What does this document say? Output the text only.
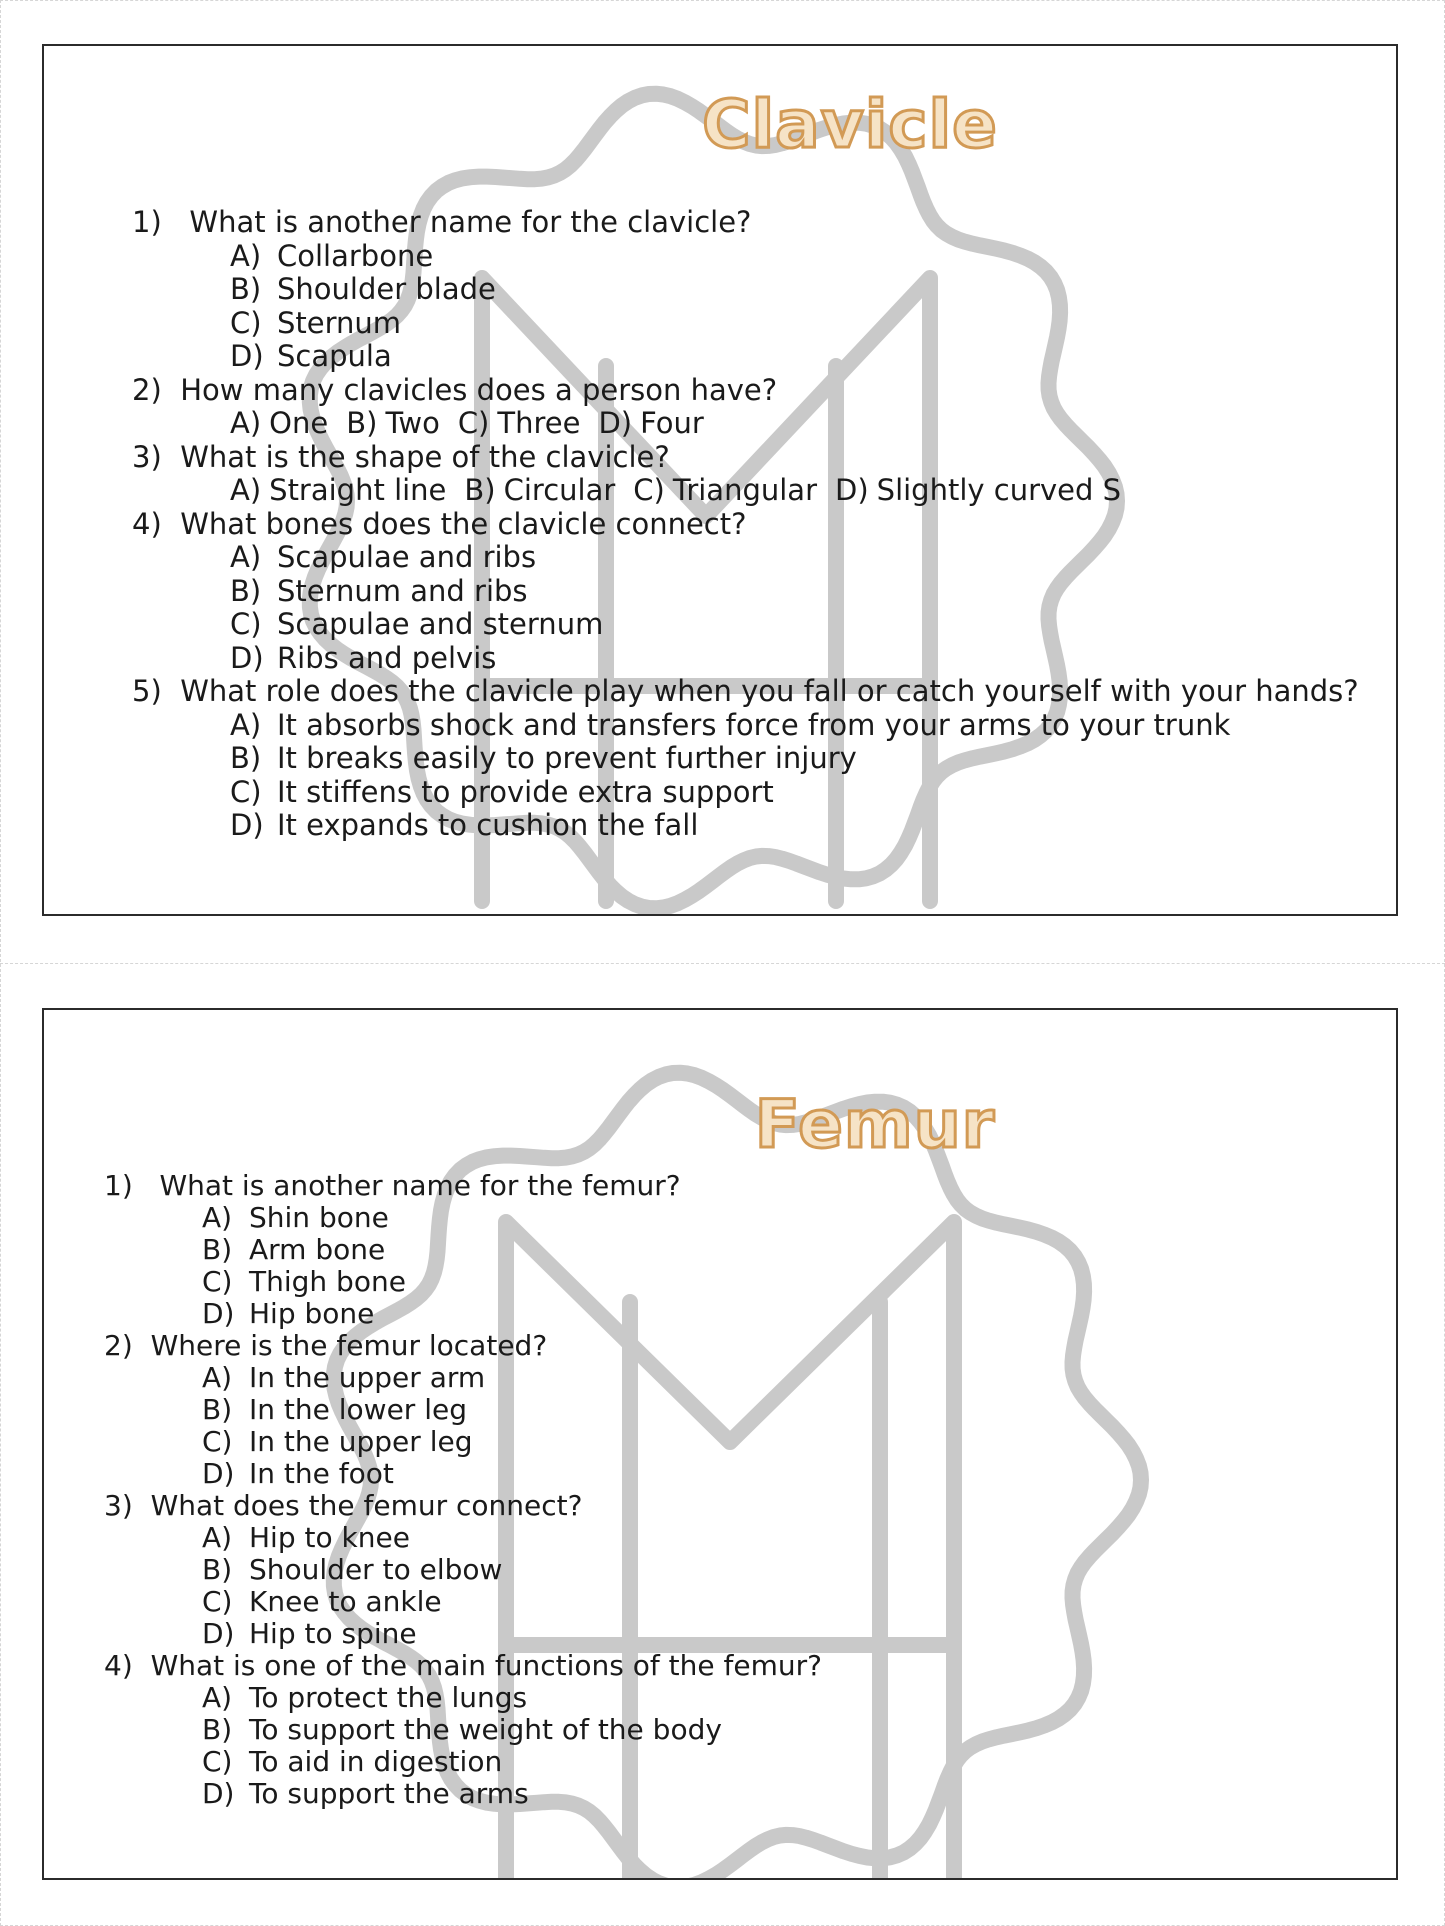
Clavicle
1) What is another name for the clavicle?
A) Collarbone
B) Shoulder blade
C) Sternum
D) Scapula
2) How many clavicles does a person have?
A) One B) Two C) Three D) Four
3) What is the shape of the clavicle?
A) Straight line B) Circular C) Triangular D) Slightly curved S
4) What bones does the clavicle connect?
A) Scapulae and ribs
B) Sternum and ribs
C) Scapulae and sternum
D) Ribs and pelvis
5) What role does the clavicle play when you fall or catch yourself with your hands?
A) It absorbs shock and transfers force from your arms to your trunk
B) It breaks easily to prevent further injury
C) It stiffens to provide extra support
D) It expands to cushion the fall
Femur
1) What is another name for the femur?
A) Shin bone
B) Arm bone
C) Thigh bone
D) Hip bone
2) Where is the femur located?
A) In the upper arm
B) In the lower leg
C) In the upper leg
D) In the foot
3) What does the femur connect?
A) Hip to knee
B) Shoulder to elbow
C) Knee to ankle
D) Hip to spine
4) What is one of the main functions of the femur?
A) To protect the lungs
B) To support the weight of the body
C) To aid in digestion
D) To support the arms
